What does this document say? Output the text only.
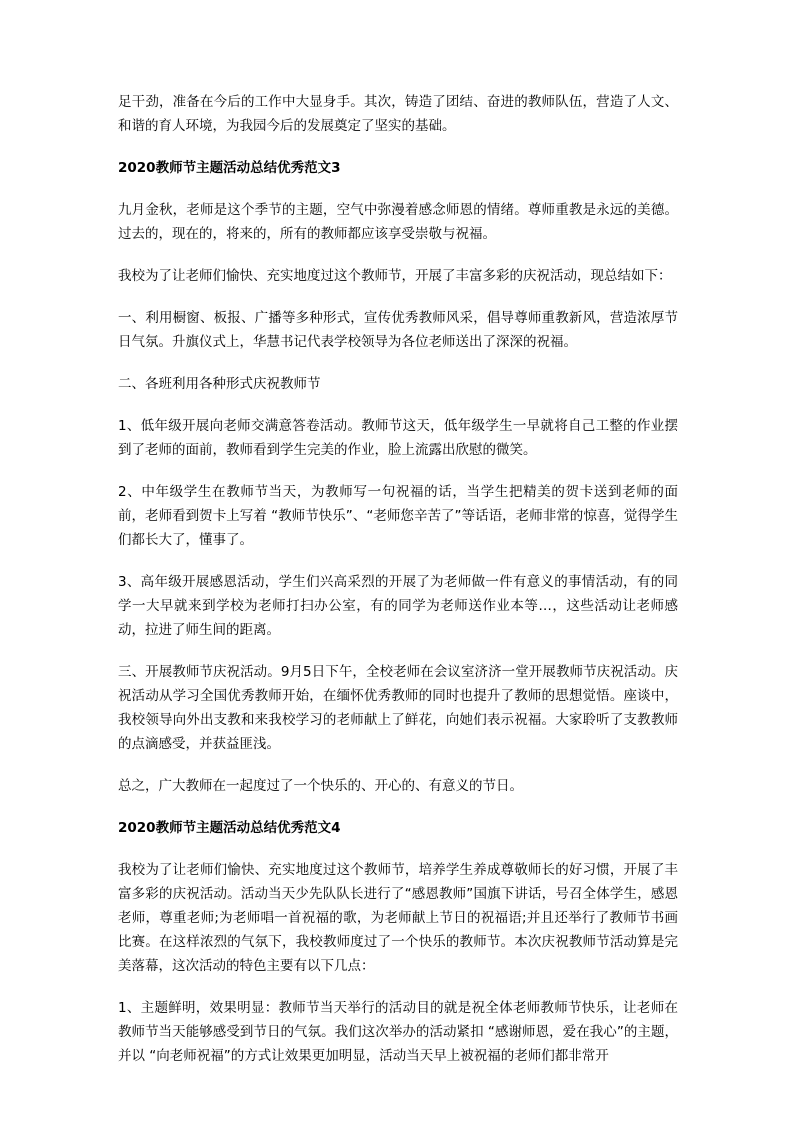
足干劲，准备在今后的工作中大显身手。其次，铸造了团结、奋进的教师队伍，营造了人文、和谐的育人环境，为我园今后的发展奠定了坚实的基础。

2020教师节主题活动总结优秀范文3

九月金秋，老师是这个季节的主题，空气中弥漫着感念师恩的情绪。尊师重教是永远的美德。过去的，现在的，将来的，所有的教师都应该享受崇敬与祝福。

我校为了让老师们愉快、充实地度过这个教师节，开展了丰富多彩的庆祝活动，现总结如下：

一、利用橱窗、板报、广播等多种形式，宣传优秀教师风采，倡导尊师重教新风，营造浓厚节日气氛。升旗仪式上，华慧书记代表学校领导为各位老师送出了深深的祝福。

二、各班利用各种形式庆祝教师节

1、低年级开展向老师交满意答卷活动。教师节这天，低年级学生一早就将自己工整的作业摆到了老师的面前，教师看到学生完美的作业，脸上流露出欣慰的微笑。

2、中年级学生在教师节当天，为教师写一句祝福的话，当学生把精美的贺卡送到老师的面前，老师看到贺卡上写着 “教师节快乐”、“老师您辛苦了”等话语，老师非常的惊喜，觉得学生们都长大了，懂事了。

3、高年级开展感恩活动，学生们兴高采烈的开展了为老师做一件有意义的事情活动，有的同学一大早就来到学校为老师打扫办公室，有的同学为老师送作业本等…，这些活动让老师感动，拉进了师生间的距离。

三、开展教师节庆祝活动。9月5日下午，全校老师在会议室济济一堂开展教师节庆祝活动。庆祝活动从学习全国优秀教师开始，在缅怀优秀教师的同时也提升了教师的思想觉悟。座谈中，我校领导向外出支教和来我校学习的老师献上了鲜花，向她们表示祝福。大家聆听了支教教师的点滴感受，并获益匪浅。

总之，广大教师在一起度过了一个快乐的、开心的、有意义的节日。

2020教师节主题活动总结优秀范文4

我校为了让老师们愉快、充实地度过这个教师节，培养学生养成尊敬师长的好习惯，开展了丰富多彩的庆祝活动。活动当天少先队队长进行了“感恩教师”国旗下讲话，号召全体学生，感恩老师，尊重老师;为老师唱一首祝福的歌，为老师献上节日的祝福语;并且还举行了教师节书画比赛。在这样浓烈的气氛下，我校教师度过了一个快乐的教师节。本次庆祝教师节活动算是完美落幕，这次活动的特色主要有以下几点：

1、主题鲜明，效果明显：教师节当天举行的活动目的就是祝全体老师教师节快乐，让老师在教师节当天能够感受到节日的气氛。我们这次举办的活动紧扣 “感谢师恩，爱在我心”的主题，并以 “向老师祝福”的方式让效果更加明显，活动当天早上被祝福的老师们都非常开
